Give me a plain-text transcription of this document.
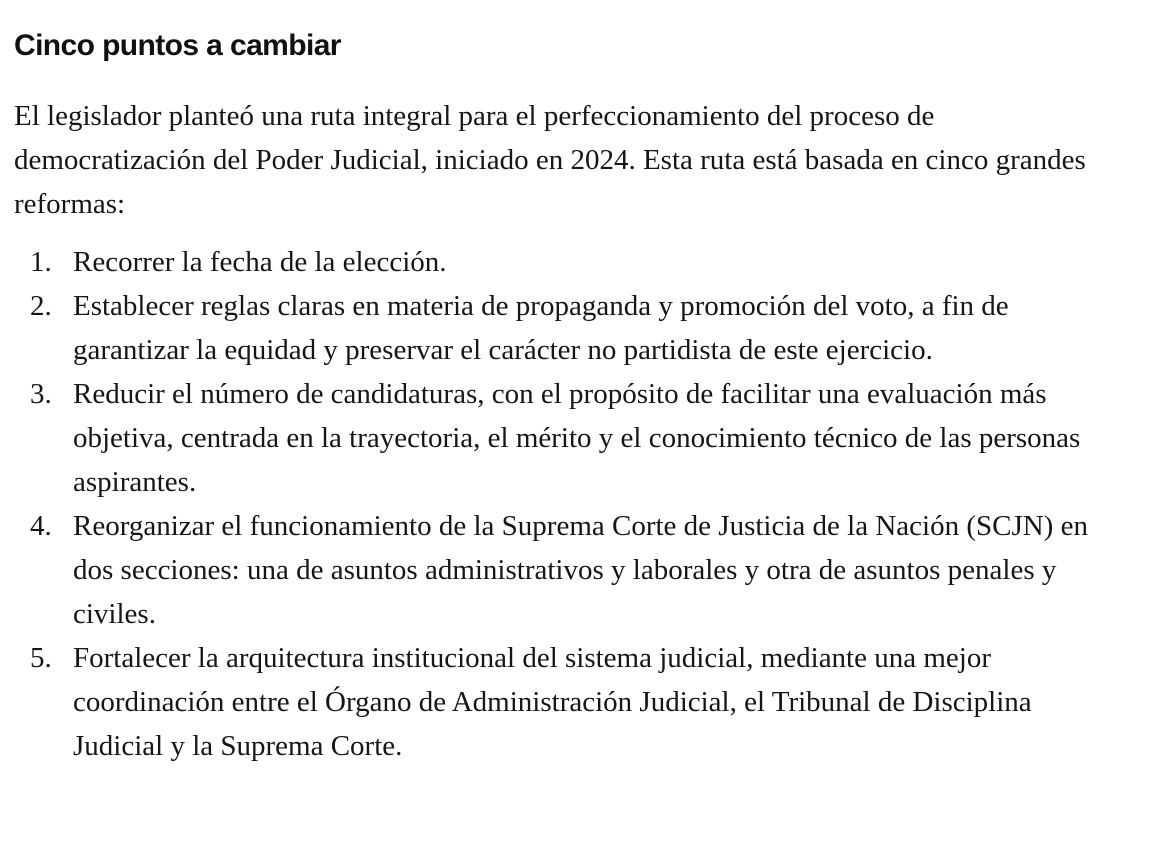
Cinco puntos a cambiar

El legislador planteó una ruta integral para el perfeccionamiento del proceso de democratización del Poder Judicial, iniciado en 2024. Esta ruta está basada en cinco grandes reformas:

1. Recorrer la fecha de la elección.
2. Establecer reglas claras en materia de propaganda y promoción del voto, a fin de garantizar la equidad y preservar el carácter no partidista de este ejercicio.
3. Reducir el número de candidaturas, con el propósito de facilitar una evaluación más objetiva, centrada en la trayectoria, el mérito y el conocimiento técnico de las personas aspirantes.
4. Reorganizar el funcionamiento de la Suprema Corte de Justicia de la Nación (SCJN) en dos secciones: una de asuntos administrativos y laborales y otra de asuntos penales y civiles.
5. Fortalecer la arquitectura institucional del sistema judicial, mediante una mejor coordinación entre el Órgano de Administración Judicial, el Tribunal de Disciplina Judicial y la Suprema Corte.
